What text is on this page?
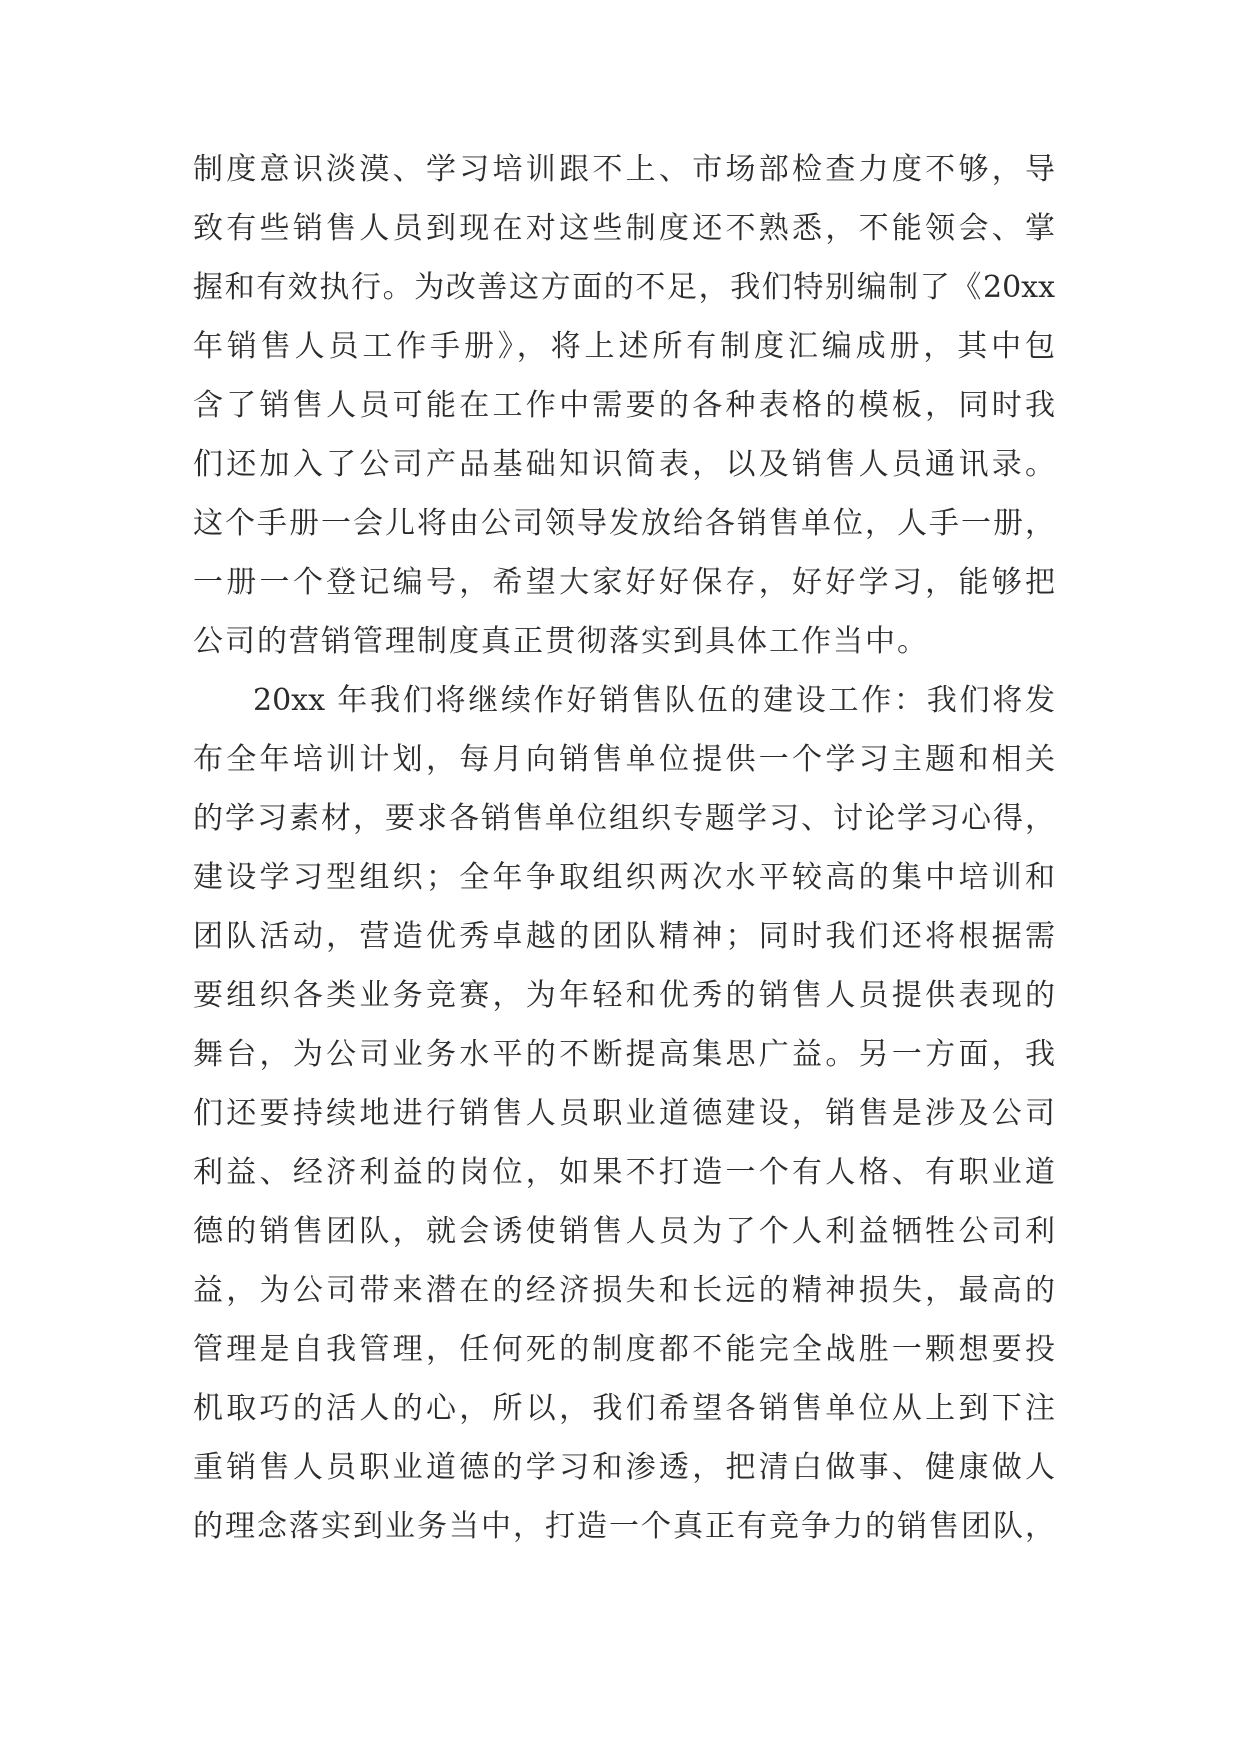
制度意识淡漠、学习培训跟不上、市场部检查力度不够，导
致有些销售人员到现在对这些制度还不熟悉，不能领会、掌
握和有效执行。为改善这方面的不足，我们特别编制了《20xx
年销售人员工作手册》，将上述所有制度汇编成册，其中包
含了销售人员可能在工作中需要的各种表格的模板，同时我
们还加入了公司产品基础知识简表，以及销售人员通讯录。
这个手册一会儿将由公司领导发放给各销售单位，人手一册，
一册一个登记编号，希望大家好好保存，好好学习，能够把
公司的营销管理制度真正贯彻落实到具体工作当中。
20xx 年我们将继续作好销售队伍的建设工作：我们将发
布全年培训计划，每月向销售单位提供一个学习主题和相关
的学习素材，要求各销售单位组织专题学习、讨论学习心得，
建设学习型组织；全年争取组织两次水平较高的集中培训和
团队活动，营造优秀卓越的团队精神；同时我们还将根据需
要组织各类业务竞赛，为年轻和优秀的销售人员提供表现的
舞台，为公司业务水平的不断提高集思广益。另一方面，我
们还要持续地进行销售人员职业道德建设，销售是涉及公司
利益、经济利益的岗位，如果不打造一个有人格、有职业道
德的销售团队，就会诱使销售人员为了个人利益牺牲公司利
益，为公司带来潜在的经济损失和长远的精神损失，最高的
管理是自我管理，任何死的制度都不能完全战胜一颗想要投
机取巧的活人的心，所以，我们希望各销售单位从上到下注
重销售人员职业道德的学习和渗透，把清白做事、健康做人
的理念落实到业务当中，打造一个真正有竞争力的销售团队，
